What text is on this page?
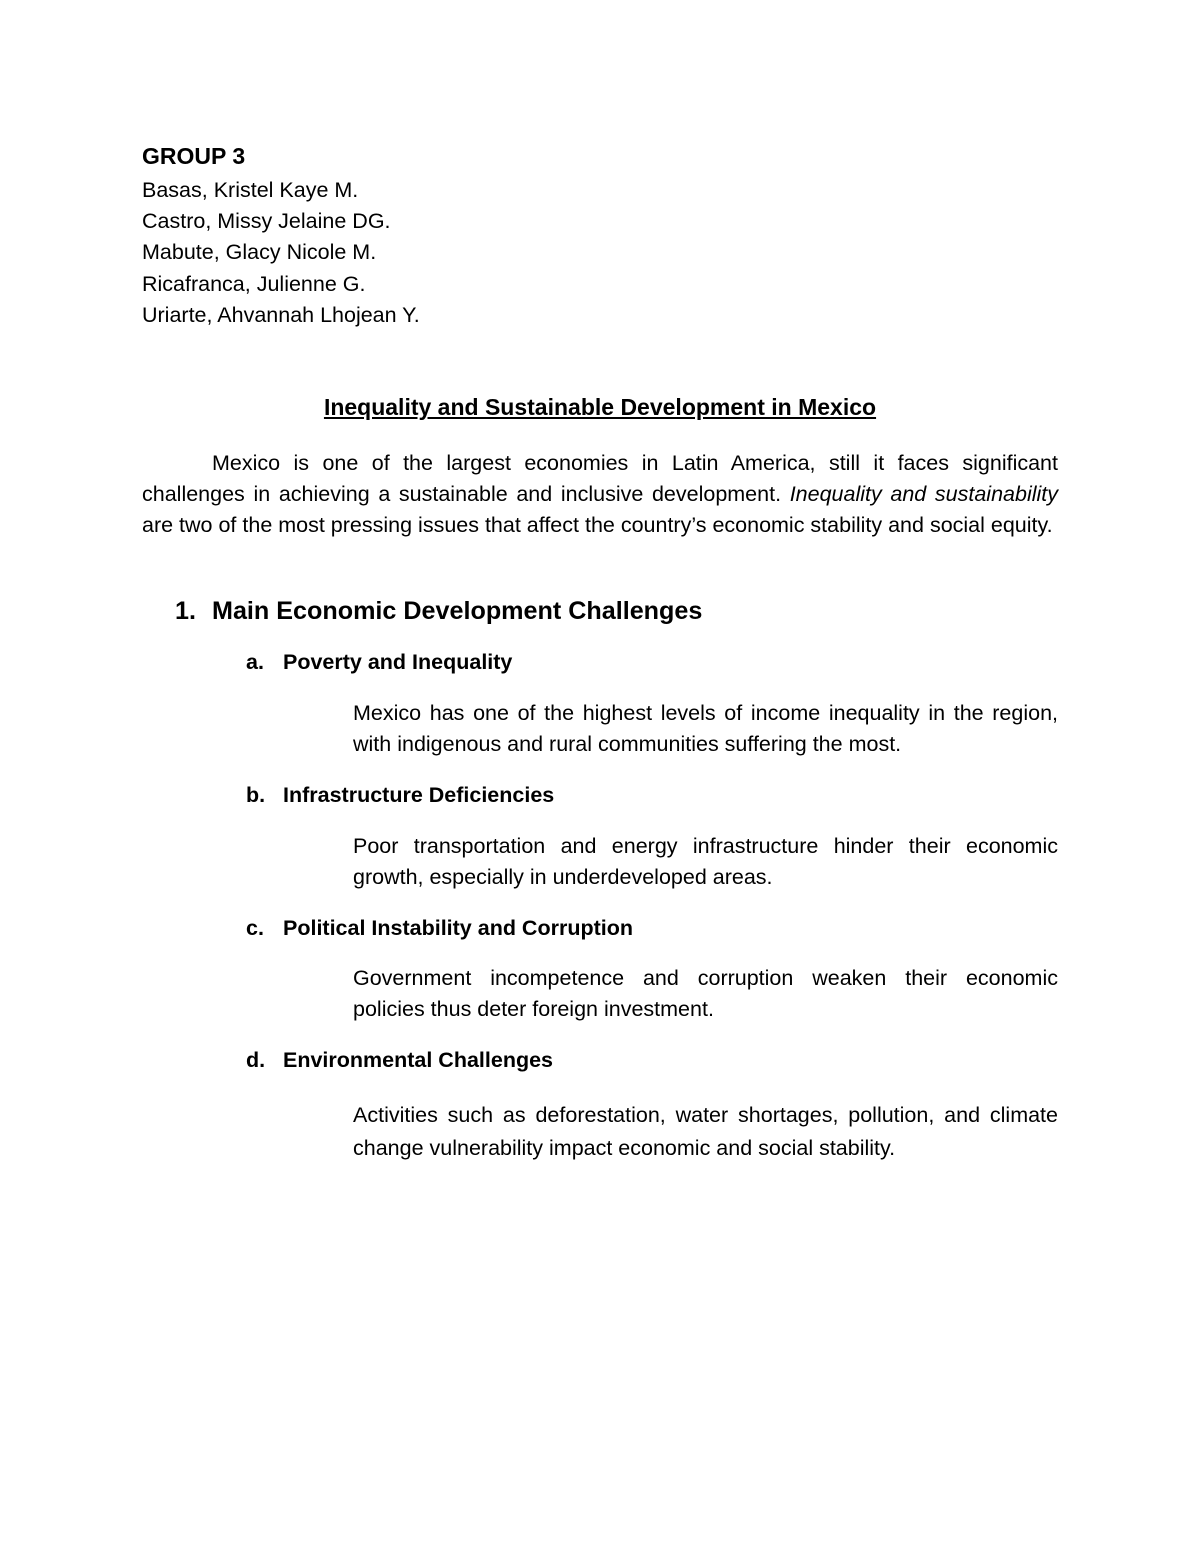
GROUP 3
Basas, Kristel Kaye M.
Castro, Missy Jelaine DG.
Mabute, Glacy Nicole M.
Ricafranca, Julienne G.
Uriarte, Ahvannah Lhojean Y.
Inequality and Sustainable Development in Mexico

Mexico is one of the largest economies in Latin America, still it faces significant challenges in achieving a sustainable and inclusive development. Inequality and sustainability are two of the most pressing issues that affect the country’s economic stability and social equity.

1. Main Economic Development Challenges
a. Poverty and Inequality

Mexico has one of the highest levels of income inequality in the region, with indigenous and rural communities suffering the most.

b. Infrastructure Deficiencies

Poor transportation and energy infrastructure hinder their economic growth, especially in underdeveloped areas.

c. Political Instability and Corruption

Government incompetence and corruption weaken their economic policies thus deter foreign investment.

d. Environmental Challenges

Activities such as deforestation, water shortages, pollution, and climate change vulnerability impact economic and social stability.
